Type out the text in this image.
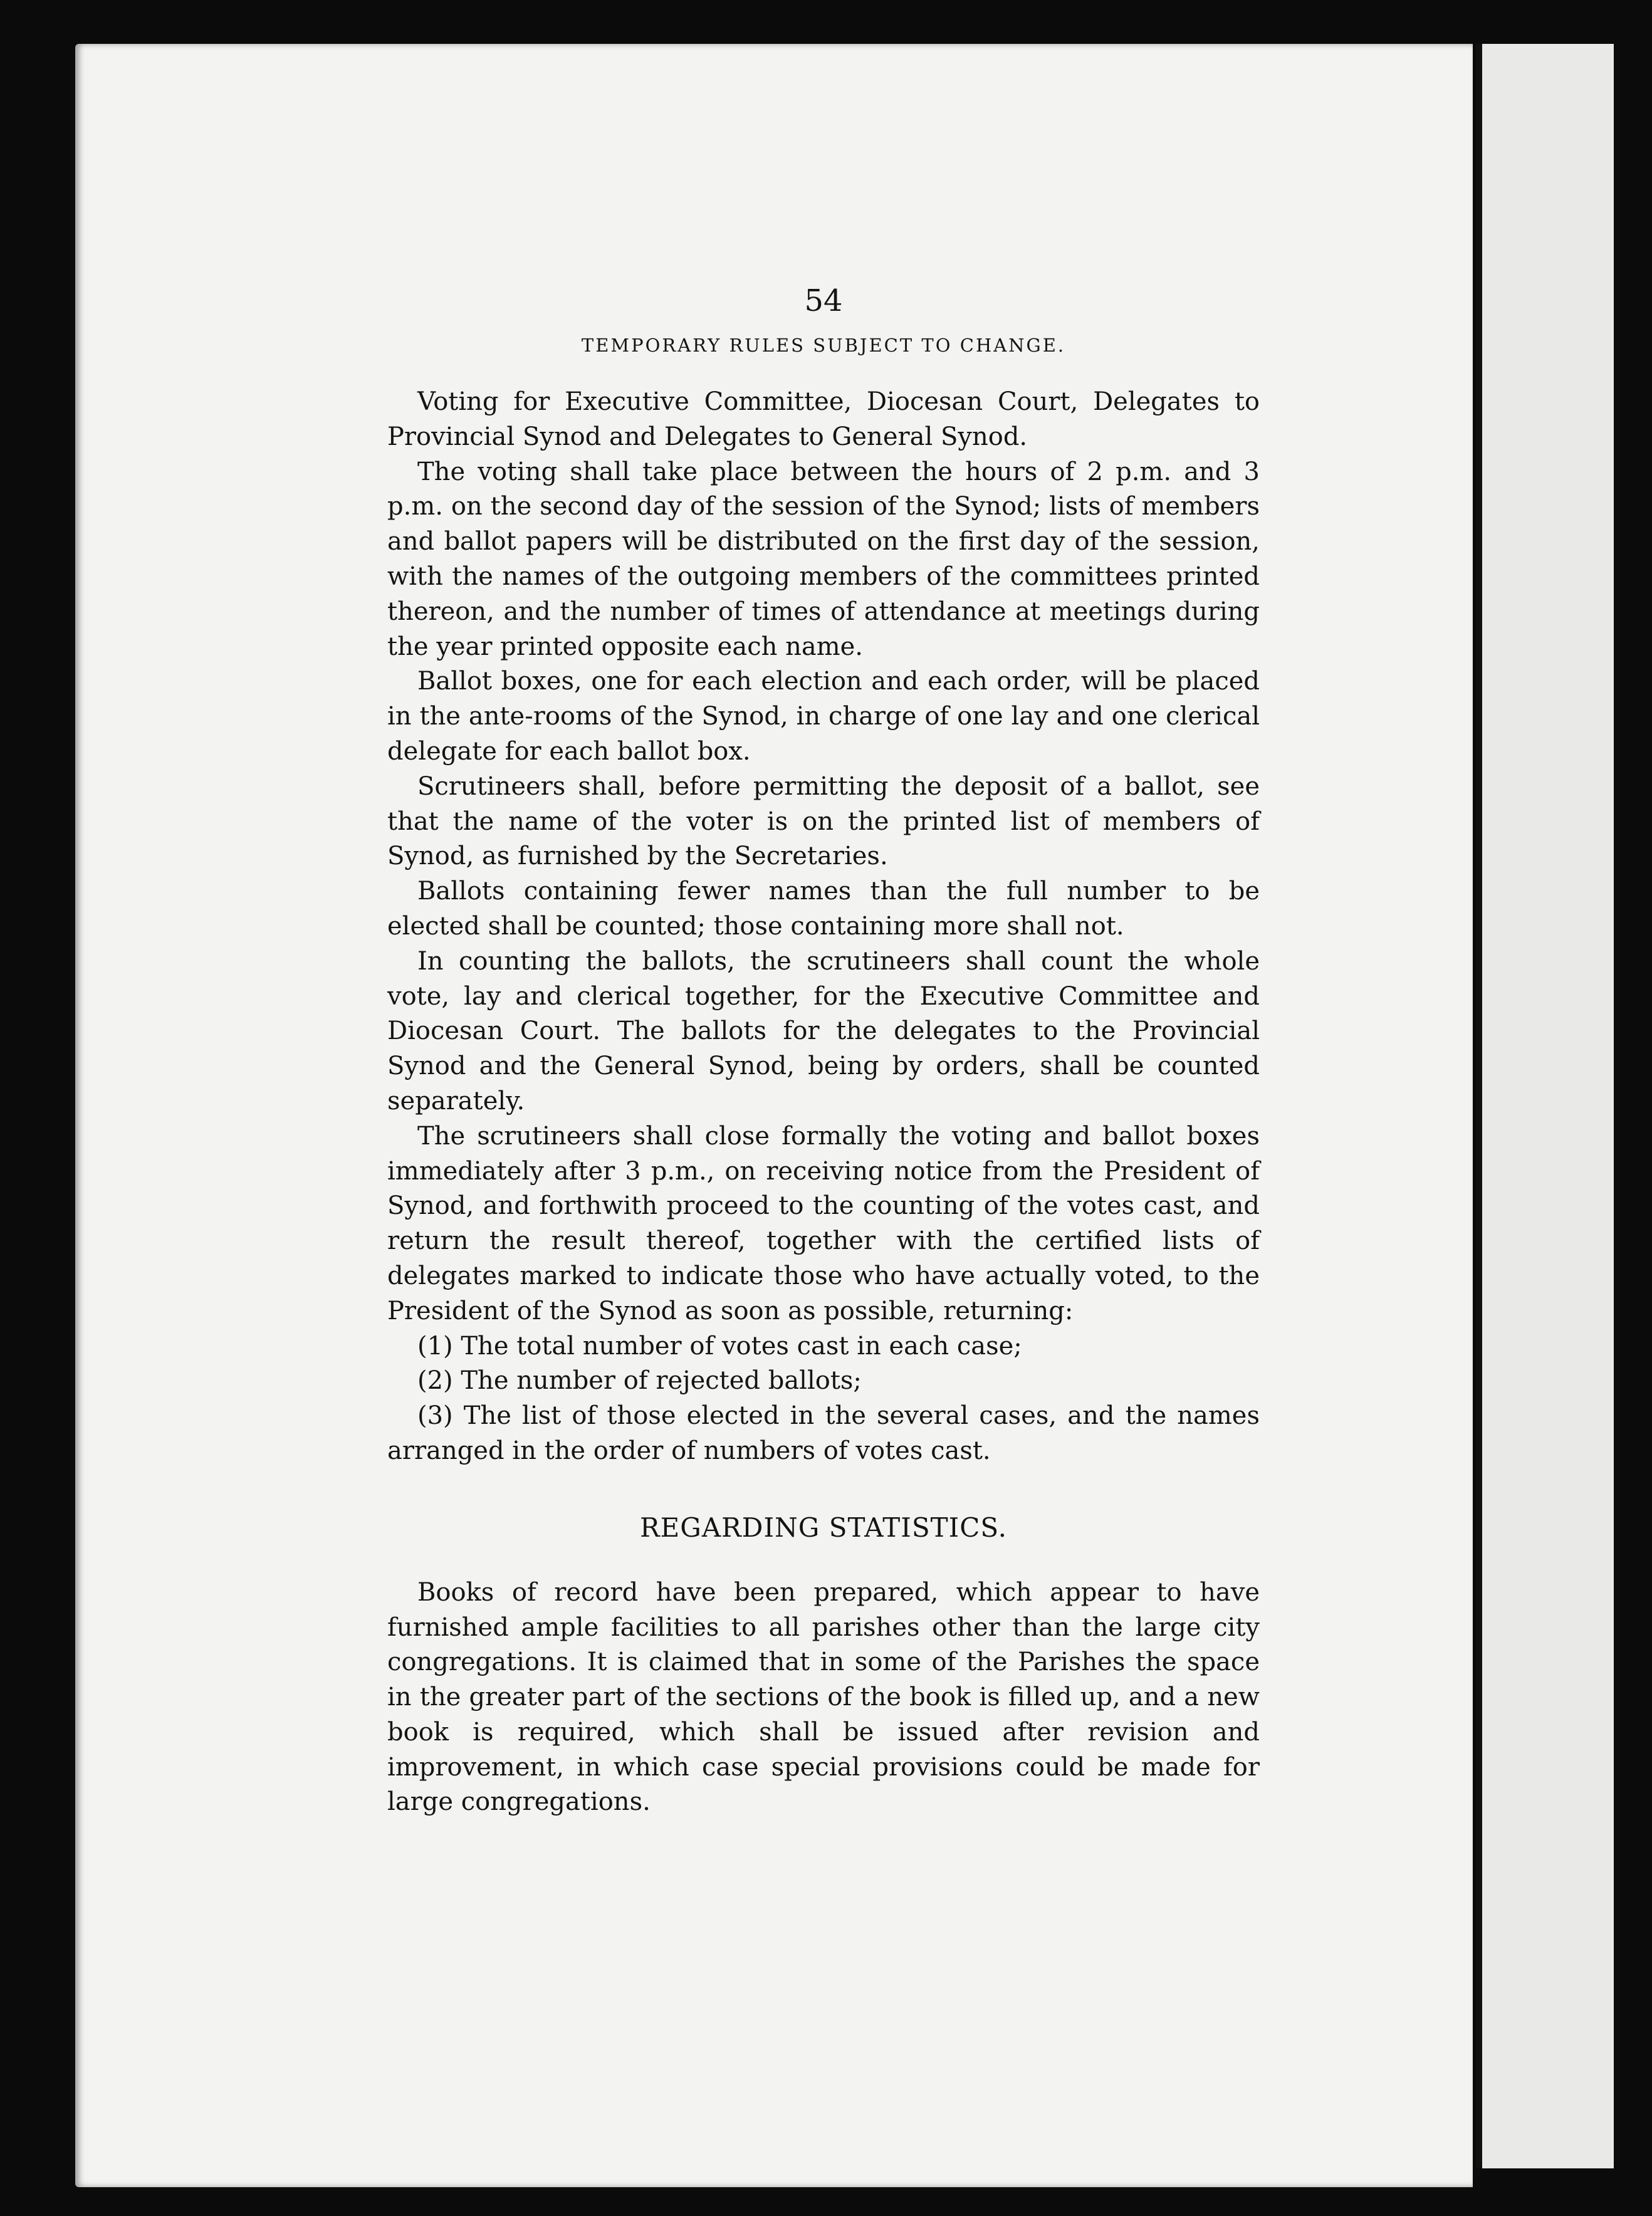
54
TEMPORARY RULES SUBJECT TO CHANGE.

Voting for Executive Committee, Diocesan Court, Delegates to Provincial Synod and Delegates to General Synod.

The voting shall take place between the hours of 2 p.m. and 3 p.m. on the second day of the session of the Synod; lists of members and ballot papers will be distributed on the first day of the session, with the names of the outgoing members of the committees printed thereon, and the number of times of attendance at meetings during the year printed opposite each name.

Ballot boxes, one for each election and each order, will be placed in the ante-rooms of the Synod, in charge of one lay and one clerical delegate for each ballot box.

Scrutineers shall, before permitting the deposit of a ballot, see that the name of the voter is on the printed list of members of Synod, as furnished by the Secretaries.

Ballots containing fewer names than the full number to be elected shall be counted; those containing more shall not.

In counting the ballots, the scrutineers shall count the whole vote, lay and clerical together, for the Executive Committee and Diocesan Court. The ballots for the delegates to the Provincial Synod and the General Synod, being by orders, shall be counted separately.

The scrutineers shall close formally the voting and ballot boxes immediately after 3 p.m., on receiving notice from the President of Synod, and forthwith proceed to the counting of the votes cast, and return the result thereof, together with the certified lists of delegates marked to indicate those who have actually voted, to the President of the Synod as soon as possible, returning:

(1) The total number of votes cast in each case;

(2) The number of rejected ballots;

(3) The list of those elected in the several cases, and the names arranged in the order of numbers of votes cast.

REGARDING STATISTICS.

Books of record have been prepared, which appear to have furnished ample facilities to all parishes other than the large city congregations. It is claimed that in some of the Parishes the space in the greater part of the sections of the book is filled up, and a new book is required, which shall be issued after revision and improvement, in which case special provisions could be made for large congregations.
